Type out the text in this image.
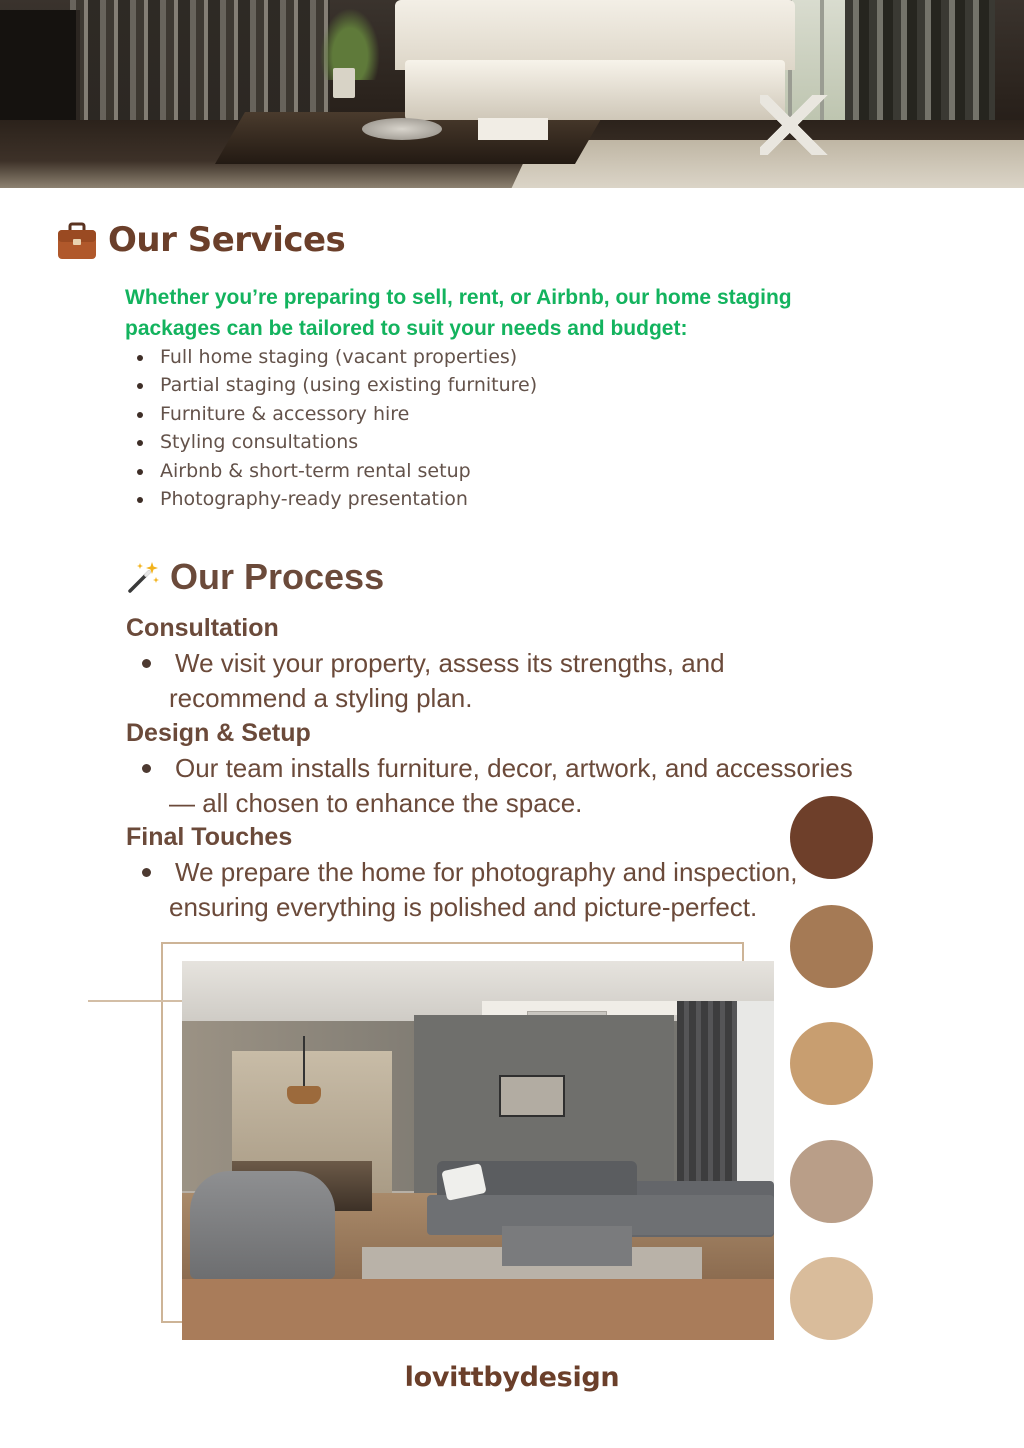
Our Services
Whether you’re preparing to sell, rent, or Airbnb, our home staging packages can be tailored to suit your needs and budget:
Full home staging (vacant properties)
Partial staging (using existing furniture)
Furniture & accessory hire
Styling consultations
Airbnb & short-term rental setup
Photography-ready presentation
Our Process
Consultation
We visit your property, assess its strengths, and recommend a styling plan.
Design & Setup
Our team installs furniture, decor, artwork, and accessories — all chosen to enhance the space.
Final Touches
We prepare the home for photography and inspection, ensuring everything is polished and picture-perfect.
lovittbydesign
